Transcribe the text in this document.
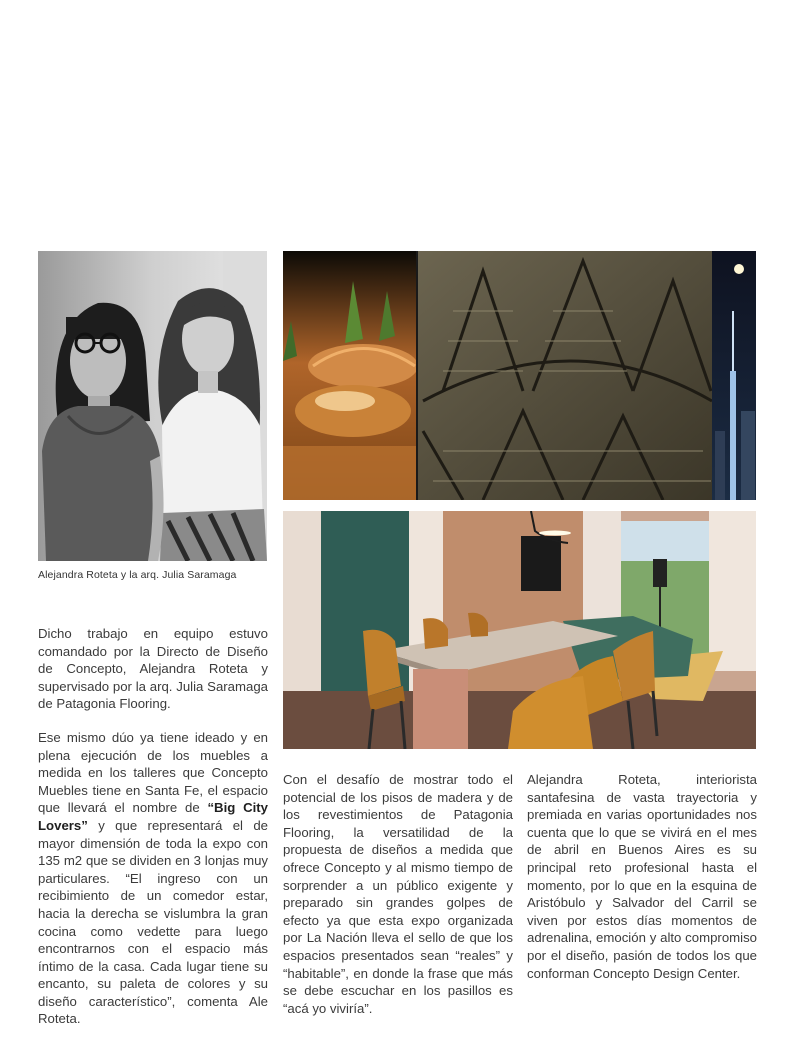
Alejandra Roteta y la arq. Julia Saramaga

Dicho trabajo en equipo estuvo comandado por la Directo de Diseño de Concepto, Alejandra Roteta y supervisado por la arq. Julia Saramaga de Patagonia Flooring.

Ese mismo dúo ya tiene ideado y en plena ejecución de los muebles a medida en los talleres que Concepto Muebles tiene en Santa Fe, el espacio que llevará el nombre de “Big City Lovers” y que representará el de mayor dimensión de toda la expo con 135 m2 que se dividen en 3 lonjas muy particulares. “El ingreso con un recibimiento de un comedor estar, hacia la derecha se vislumbra la gran cocina como vedette para luego encontrarnos con el espacio más íntimo de la casa. Cada lugar tiene su encanto, su paleta de colores y su diseño característico”, comenta Ale Roteta.

Con el desafío de mostrar todo el potencial de los pisos de madera y de los revestimientos de Patagonia Flooring, la versatilidad de la propuesta de diseños a medida que ofrece Concepto y al mismo tiempo de sorprender a un público exigente y preparado sin grandes golpes de efecto ya que esta expo organizada por La Nación lleva el sello de que los espacios presentados sean “reales” y “habitable”, en donde la frase que más se debe escuchar en los pasillos es “acá yo viviría”.

Alejandra Roteta, interiorista santafesina de vasta trayectoria y premiada en varias oportunidades nos cuenta que lo que se vivirá en el mes de abril en Buenos Aires es su principal reto profesional hasta el momento, por lo que en la esquina de Aristóbulo y Salvador del Carril se viven por estos días momentos de adrenalina, emoción y alto compromiso por el diseño, pasión de todos los que conforman Concepto Design Center.
